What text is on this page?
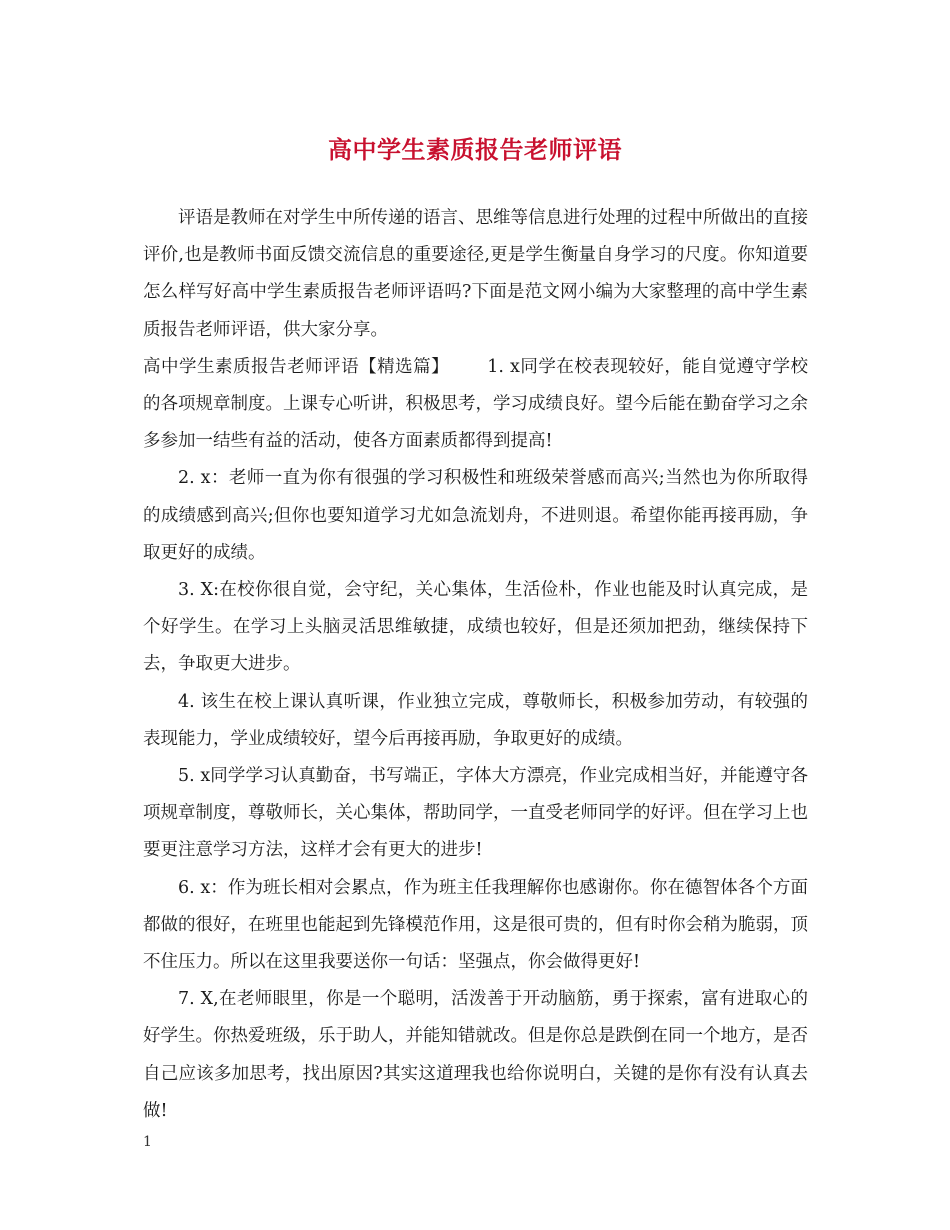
高中学生素质报告老师评语

评语是教师在对学生中所传递的语言、思维等信息进行处理的过程中所做出的直接评价,也是教师书面反馈交流信息的重要途径,更是学生衡量自身学习的尺度。你知道要怎么样写好高中学生素质报告老师评语吗?下面是范文网小编为大家整理的高中学生素质报告老师评语，供大家分享。

高中学生素质报告老师评语【精选篇】 1. x同学在校表现较好，能自觉遵守学校的各项规章制度。上课专心听讲，积极思考，学习成绩良好。望今后能在勤奋学习之余多参加一结些有益的活动，使各方面素质都得到提高!

2. x：老师一直为你有很强的学习积极性和班级荣誉感而高兴;当然也为你所取得的成绩感到高兴;但你也要知道学习尤如急流划舟，不进则退。希望你能再接再励，争取更好的成绩。

3. X:在校你很自觉，会守纪，关心集体，生活俭朴，作业也能及时认真完成，是个好学生。在学习上头脑灵活思维敏捷，成绩也较好，但是还须加把劲，继续保持下去，争取更大进步。

4. 该生在校上课认真听课，作业独立完成，尊敬师长，积极参加劳动，有较强的表现能力，学业成绩较好，望今后再接再励，争取更好的成绩。

5. x同学学习认真勤奋，书写端正，字体大方漂亮，作业完成相当好，并能遵守各项规章制度，尊敬师长，关心集体，帮助同学，一直受老师同学的好评。但在学习上也要更注意学习方法，这样才会有更大的进步!

6. x：作为班长相对会累点，作为班主任我理解你也感谢你。你在德智体各个方面都做的很好，在班里也能起到先锋模范作用，这是很可贵的，但有时你会稍为脆弱，顶不住压力。所以在这里我要送你一句话：坚强点，你会做得更好!

7. X,在老师眼里，你是一个聪明，活泼善于开动脑筋，勇于探索，富有进取心的好学生。你热爱班级，乐于助人，并能知错就改。但是你总是跌倒在同一个地方，是否自己应该多加思考，找出原因?其实这道理我也给你说明白，关键的是你有没有认真去做!

1
